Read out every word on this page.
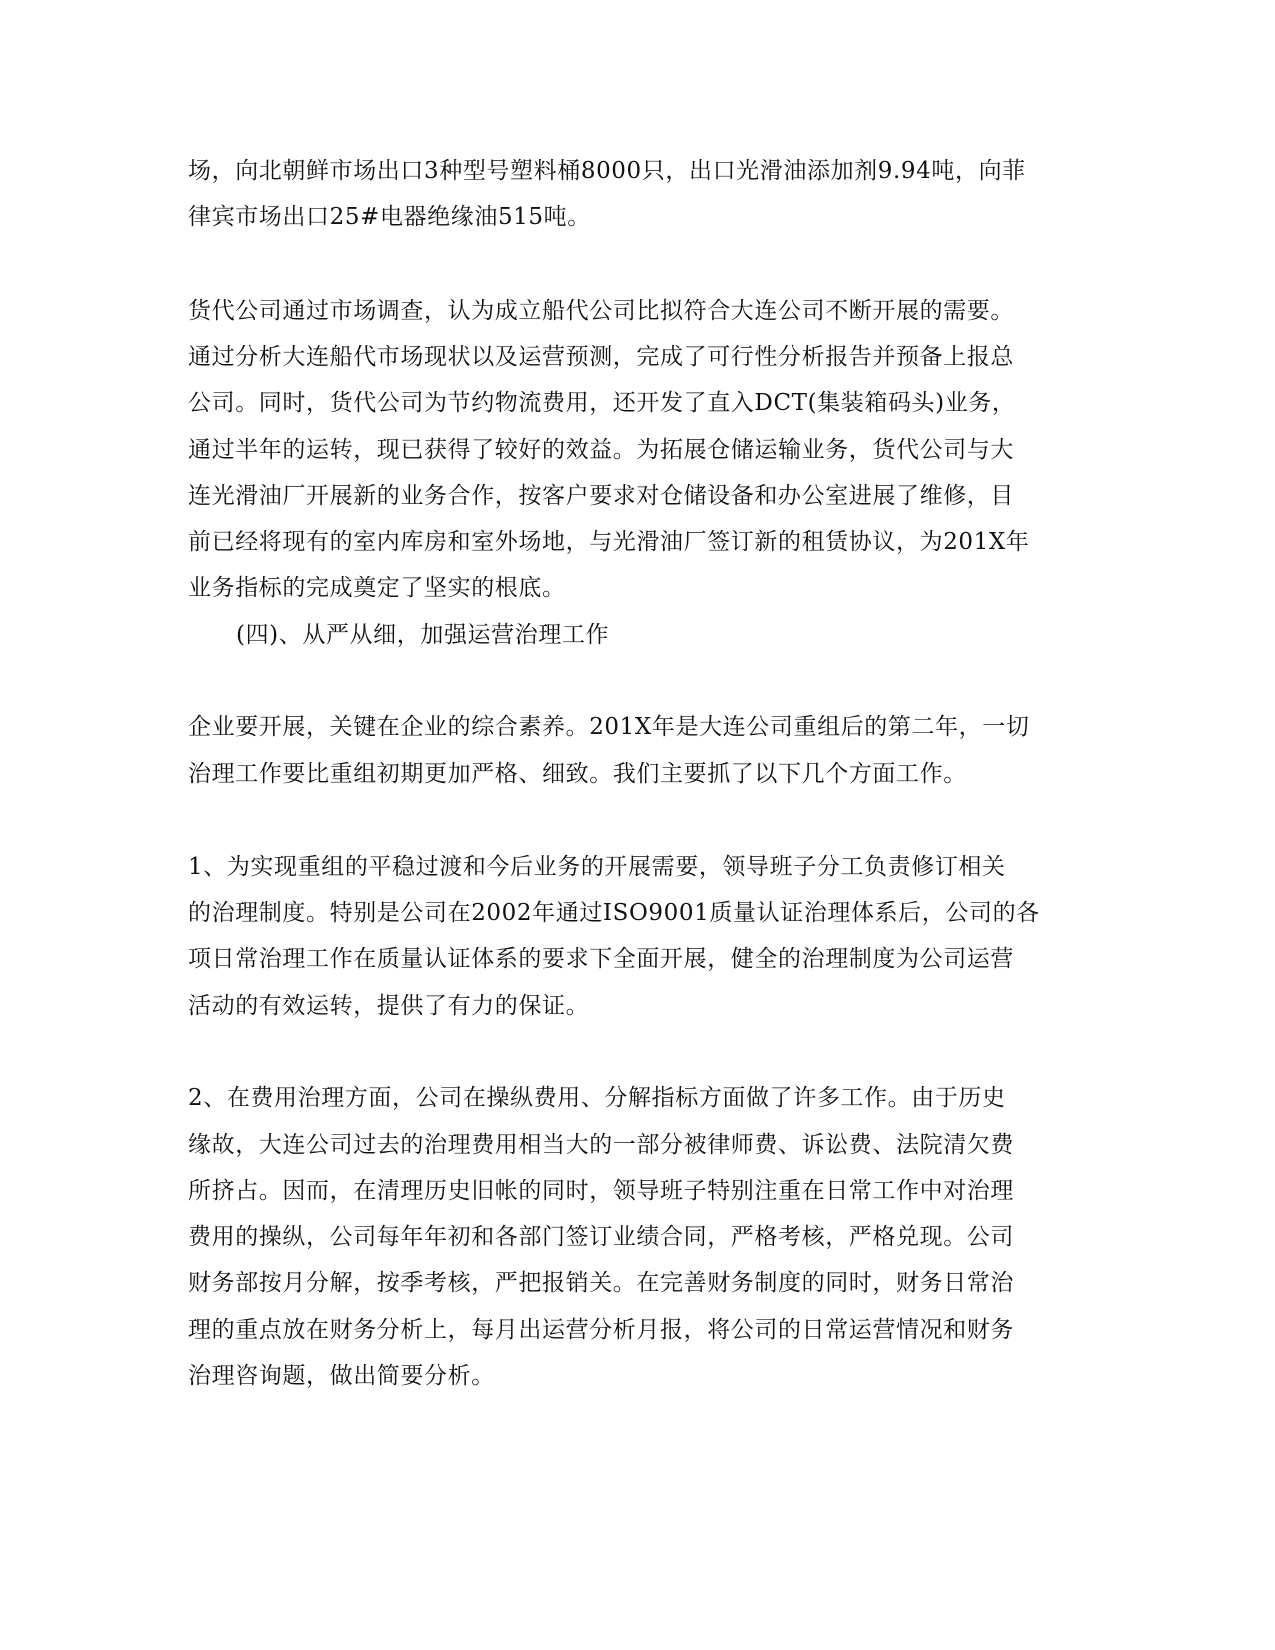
场，向北朝鲜市场出口3种型号塑料桶8000只，出口光滑油添加剂9.94吨，向菲
律宾市场出口25#电器绝缘油515吨。
货代公司通过市场调查，认为成立船代公司比拟符合大连公司不断开展的需要。
通过分析大连船代市场现状以及运营预测，完成了可行性分析报告并预备上报总
公司。同时，货代公司为节约物流费用，还开发了直入DCT(集装箱码头)业务，
通过半年的运转，现已获得了较好的效益。为拓展仓储运输业务，货代公司与大
连光滑油厂开展新的业务合作，按客户要求对仓储设备和办公室进展了维修，目
前已经将现有的室内库房和室外场地，与光滑油厂签订新的租赁协议，为201X年
业务指标的完成奠定了坚实的根底。
(四)、从严从细，加强运营治理工作
企业要开展，关键在企业的综合素养。201X年是大连公司重组后的第二年，一切
治理工作要比重组初期更加严格、细致。我们主要抓了以下几个方面工作。
1、为实现重组的平稳过渡和今后业务的开展需要，领导班子分工负责修订相关
的治理制度。特别是公司在2002年通过ISO9001质量认证治理体系后，公司的各
项日常治理工作在质量认证体系的要求下全面开展，健全的治理制度为公司运营
活动的有效运转，提供了有力的保证。
2、在费用治理方面，公司在操纵费用、分解指标方面做了许多工作。由于历史
缘故，大连公司过去的治理费用相当大的一部分被律师费、诉讼费、法院清欠费
所挤占。因而，在清理历史旧帐的同时，领导班子特别注重在日常工作中对治理
费用的操纵，公司每年年初和各部门签订业绩合同，严格考核，严格兑现。公司
财务部按月分解，按季考核，严把报销关。在完善财务制度的同时，财务日常治
理的重点放在财务分析上，每月出运营分析月报，将公司的日常运营情况和财务
治理咨询题，做出简要分析。
